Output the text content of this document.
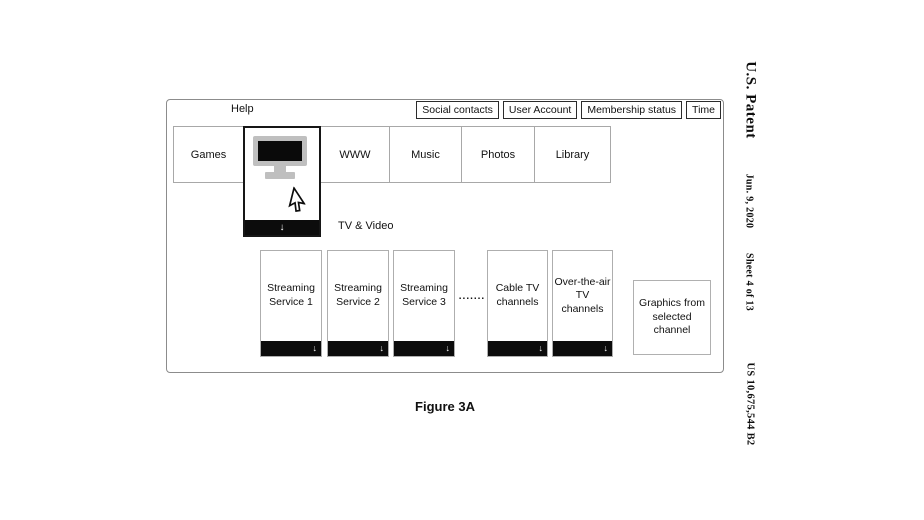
Help	Social contacts	User Account	Membership status	Time
Games
↓
WWW	Music	Photos	Library
TV & Video
Streaming Service 1
↓
Streaming Service 2
↓
Streaming Service 3
↓
.......
Cable TV channels
↓
Over-the-air TV channels
↓
Graphics from selected channel
Figure 3A
U.S. Patent
Jun. 9, 2020
Sheet 4 of 13
US 10,675,544 B2
